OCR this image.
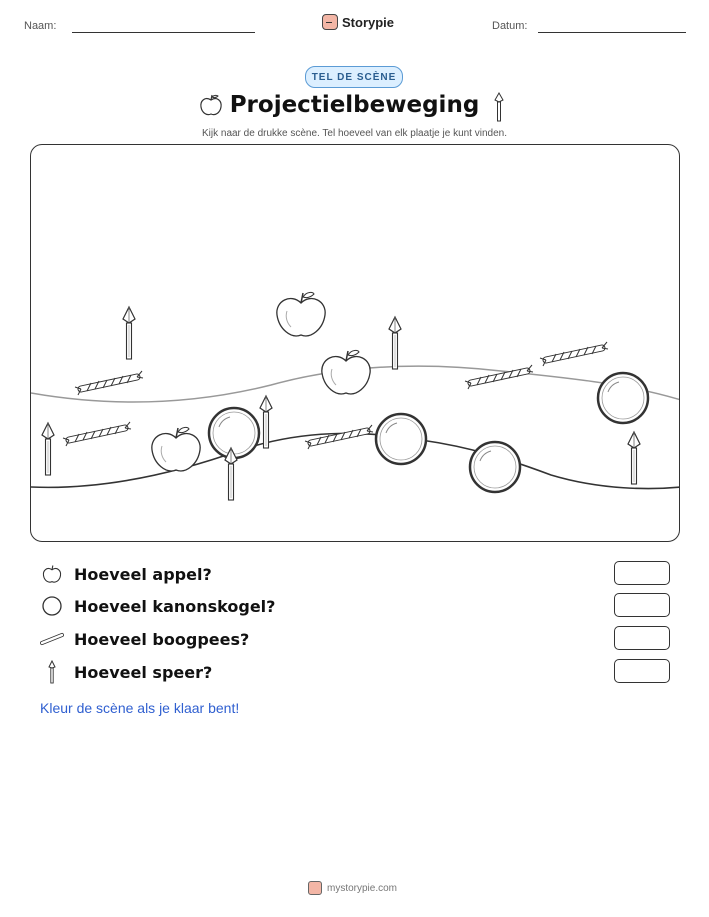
Naam:	Storypie	Datum:
TEL DE SCÈNE
Projectielbeweging
Kijk naar de drukke scène. Tel hoeveel van elk plaatje je kunt vinden.
Hoeveel appel?
Hoeveel kanonskogel?
Hoeveel boogpees?
Hoeveel speer?
Kleur de scène als je klaar bent!
mystorypie.com
